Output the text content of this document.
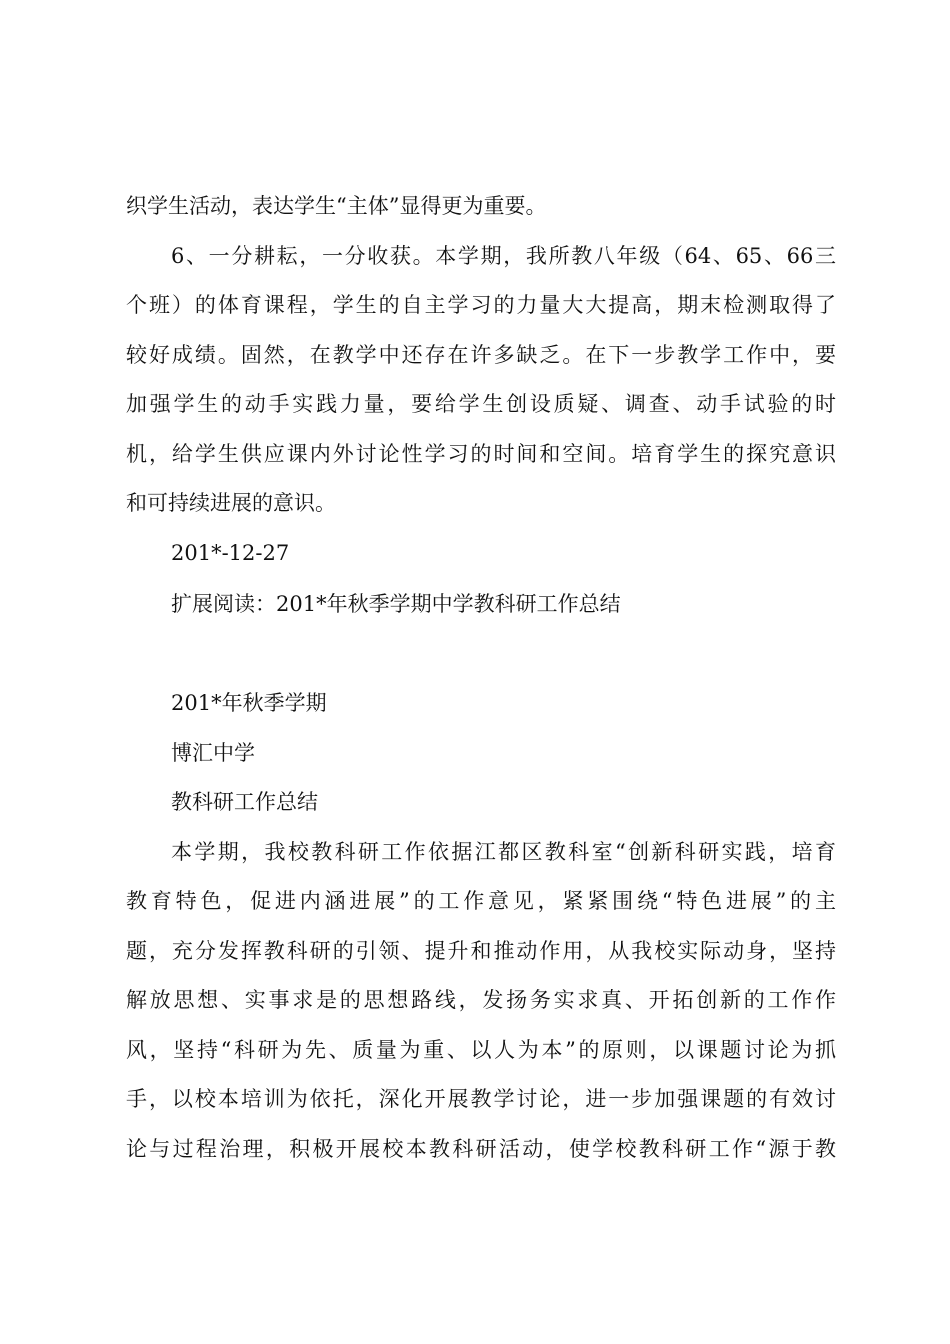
织学生活动，表达学生“主体”显得更为重要。
6、一分耕耘，一分收获。本学期，我所教八年级（64、65、66三
个班）的体育课程，学生的自主学习的力量大大提高，期末检测取得了
较好成绩。固然，在教学中还存在许多缺乏。在下一步教学工作中，要
加强学生的动手实践力量，要给学生创设质疑、调查、动手试验的时
机，给学生供应课内外讨论性学习的时间和空间。培育学生的探究意识
和可持续进展的意识。
201*-12-27
扩展阅读：201*年秋季学期中学教科研工作总结
201*年秋季学期
博汇中学
教科研工作总结
本学期，我校教科研工作依据江都区教科室“创新科研实践，培育
教育特色，促进内涵进展”的工作意见，紧紧围绕“特色进展”的主
题，充分发挥教科研的引领、提升和推动作用，从我校实际动身，坚持
解放思想、实事求是的思想路线，发扬务实求真、开拓创新的工作作
风，坚持“科研为先、质量为重、以人为本”的原则，以课题讨论为抓
手，以校本培训为依托，深化开展教学讨论，进一步加强课题的有效讨
论与过程治理，积极开展校本教科研活动，使学校教科研工作“源于教
